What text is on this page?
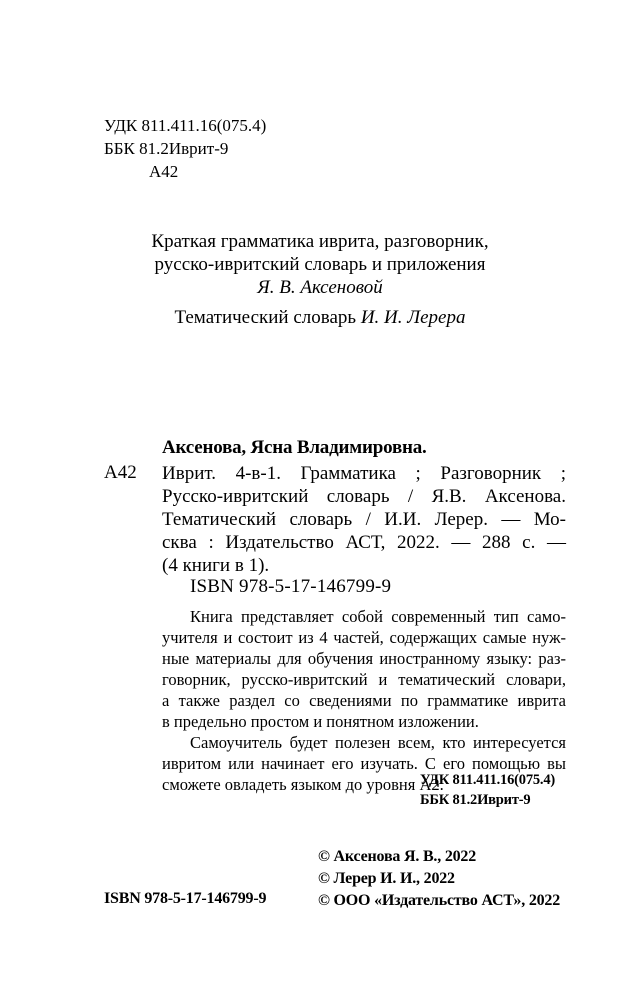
УДК 811.411.16(075.4)
ББК 81.2Иврит-9
А42
Краткая грамматика иврита, разговорник,
русско-ивритский словарь и приложения
Я. В. Аксеновой
Тематический словарь И. И. Лерера
Аксенова, Ясна Владимировна.
А42 Иврит. 4-в-1. Грамматика ; Разговорник ;
Русско-ивритский словарь / Я.В. Аксенова.
Тематический словарь / И.И. Лерер. — Мо-
сква : Издательство АСТ, 2022. — 288 с. —
(4 книги в 1).
ISBN 978-5-17-146799-9
Книга представляет собой современный тип само-
учителя и состоит из 4 частей, содержащих самые нуж-
ные материалы для обучения иностранному языку: раз-
говорник, русско-ивритский и тематический словари,
а также раздел со сведениями по грамматике иврита
в предельно простом и понятном изложении.
Самоучитель будет полезен всем, кто интересуется
ивритом или начинает его изучать. С его помощью вы
сможете овладеть языком до уровня А2.
УДК 811.411.16(075.4)
ББК 81.2Иврит-9
© Аксенова Я. В., 2022
© Лерер И. И., 2022
© ООО «Издательство АСТ», 2022
ISBN 978-5-17-146799-9
